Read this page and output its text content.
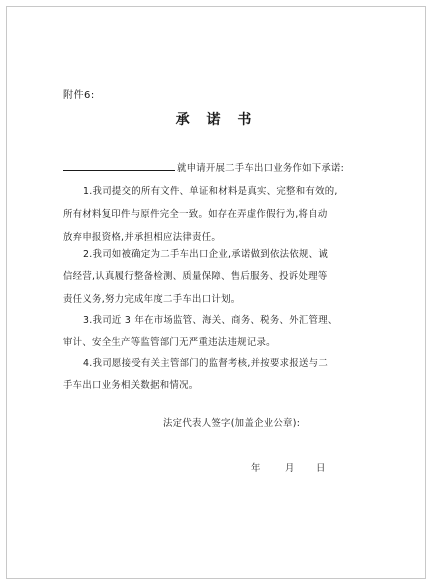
附件6:
承 诺 书
就申请开展二手车出口业务作如下承诺:
1.我司提交的所有文件、单证和材料是真实、完整和有效的,
所有材料复印件与原件完全一致。如存在弄虚作假行为,将自动
放弃申报资格,并承担相应法律责任。
2.我司如被确定为二手车出口企业,承诺做到依法依规、诚
信经营,认真履行整备检测、质量保障、售后服务、投诉处理等
责任义务,努力完成年度二手车出口计划。
3.我司近 3 年在市场监管、海关、商务、税务、外汇管理、
审计、安全生产等监管部门无严重违法违规记录。
4.我司愿接受有关主管部门的监督考核,并按要求报送与二
手车出口业务相关数据和情况。
法定代表人签字(加盖企业公章):
年	月 日
